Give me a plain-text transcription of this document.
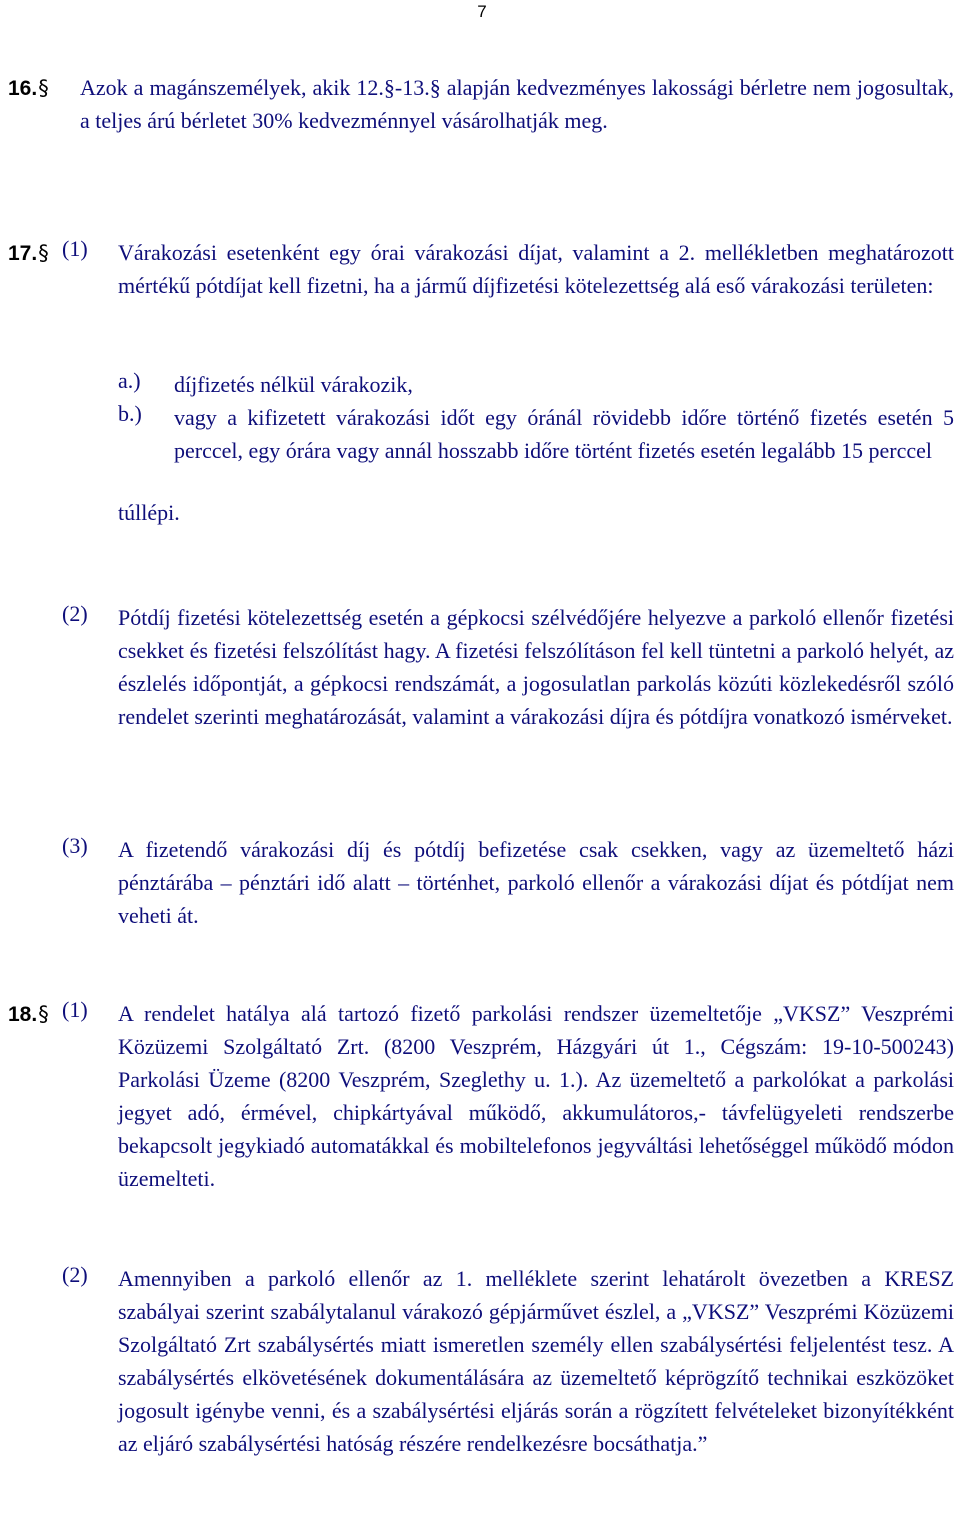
7
16.§ Azok a magánszemélyek, akik 12.§-13.§ alapján kedvezményes lakossági bérletre nem jogosultak, a teljes árú bérletet 30% kedvezménnyel vásárolhatják meg.

17.§ (1) Várakozási esetenként egy órai várakozási díjat, valamint a 2. mellékletben meghatározott mértékű pótdíjat kell fizetni, ha a jármű díjfizetési kötelezettség alá eső várakozási területen:

a.) díjfizetés nélkül várakozik,

b.) vagy a kifizetett várakozási időt egy óránál rövidebb időre történő fizetés esetén 5 perccel, egy órára vagy annál hosszabb időre történt fizetés esetén legalább 15 perccel

túllépi.
(2) Pótdíj fizetési kötelezettség esetén a gépkocsi szélvédőjére helyezve a parkoló ellenőr fizetési csekket és fizetési felszólítást hagy. A fizetési felszólításon fel kell tüntetni a parkoló helyét, az észlelés időpontját, a gépkocsi rendszámát, a jogosulatlan parkolás közúti közlekedésről szóló rendelet szerinti meghatározását, valamint a várakozási díjra és pótdíjra vonatkozó ismérveket.

(3) A fizetendő várakozási díj és pótdíj befizetése csak csekken, vagy az üzemeltető házi pénztárába – pénztári idő alatt – történhet, parkoló ellenőr a várakozási díjat és pótdíjat nem veheti át.

18.§ (1) A rendelet hatálya alá tartozó fizető parkolási rendszer üzemeltetője „VKSZ” Veszprémi Közüzemi Szolgáltató Zrt. (8200 Veszprém, Házgyári út 1., Cégszám: 19-10-500243) Parkolási Üzeme (8200 Veszprém, Szeglethy u. 1.). Az üzemeltető a parkolókat a parkolási jegyet adó, érmével, chipkártyával működő, akkumulátoros,- távfelügyeleti rendszerbe bekapcsolt jegykiadó automatákkal és mobiltelefonos jegyváltási lehetőséggel működő módon üzemelteti.

(2) Amennyiben a parkoló ellenőr az 1. melléklete szerint lehatárolt övezetben a KRESZ szabályai szerint szabálytalanul várakozó gépjárművet észlel, a „VKSZ” Veszprémi Közüzemi Szolgáltató Zrt szabálysértés miatt ismeretlen személy ellen szabálysértési feljelentést tesz. A szabálysértés elkövetésének dokumentálására az üzemeltető képrögzítő technikai eszközöket jogosult igénybe venni, és a szabálysértési eljárás során a rögzített felvételeket bizonyítékként az eljáró szabálysértési hatóság részére rendelkezésre bocsáthatja.”
